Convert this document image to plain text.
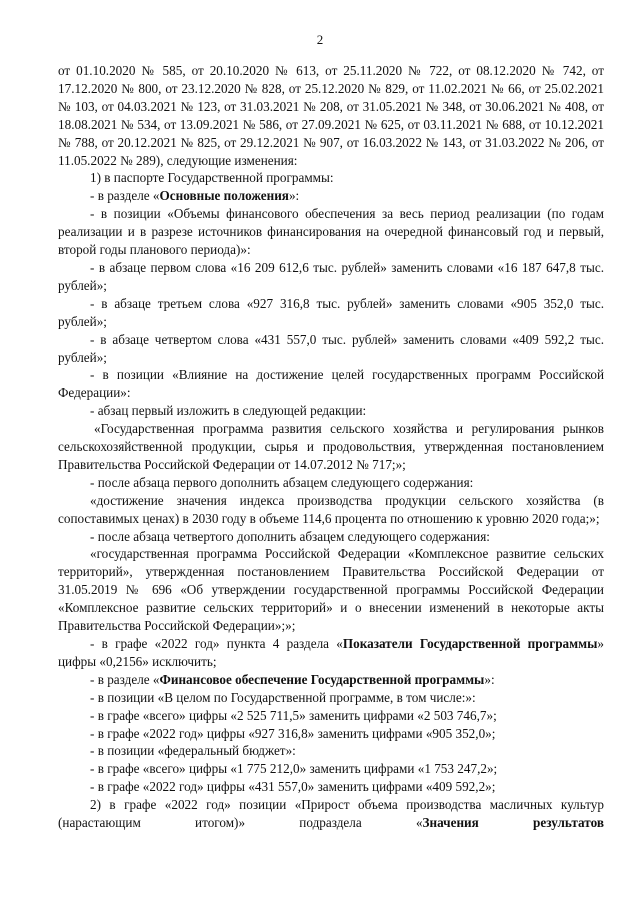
2

от 01.10.2020 № 585, от 20.10.2020 № 613, от 25.11.2020 № 722, от 08.12.2020 № 742, от 17.12.2020 № 800, от 23.12.2020 № 828, от 25.12.2020 № 829, от 11.02.2021 № 66, от 25.02.2021 № 103, от 04.03.2021 № 123, от 31.03.2021 № 208, от 31.05.2021 № 348, от 30.06.2021 № 408, от 18.08.2021 № 534, от 13.09.2021 № 586, от 27.09.2021 № 625, от 03.11.2021 № 688, от 10.12.2021 № 788, от 20.12.2021 № 825, от 29.12.2021 № 907, от 16.03.2022 № 143, от 31.03.2022 № 206, от 11.05.2022 № 289), следующие изменения:

1) в паспорте Государственной программы:

- в разделе «Основные положения»:

- в позиции «Объемы финансового обеспечения за весь период реализации (по годам реализации и в разрезе источников финансирования на очередной финансовый год и первый, второй годы планового периода)»:

- в абзаце первом слова «16 209 612,6 тыс. рублей» заменить словами «16 187 647,8 тыс. рублей»;

- в абзаце третьем слова «927 316,8 тыс. рублей» заменить словами «905 352,0 тыс. рублей»;

- в абзаце четвертом слова «431 557,0 тыс. рублей» заменить словами «409 592,2 тыс. рублей»;

- в позиции «Влияние на достижение целей государственных программ Российской Федерации»:

- абзац первый изложить в следующей редакции:

«Государственная программа развития сельского хозяйства и регулирования рынков сельскохозяйственной продукции, сырья и продовольствия, утвержденная постановлением Правительства Российской Федерации от 14.07.2012 № 717;»;

- после абзаца первого дополнить абзацем следующего содержания:

«достижение значения индекса производства продукции сельского хозяйства (в сопоставимых ценах) в 2030 году в объеме 114,6 процента по отношению к уровню 2020 года;»;

- после абзаца четвертого дополнить абзацем следующего содержания:

«государственная программа Российской Федерации «Комплексное развитие сельских территорий», утвержденная постановлением Правительства Российской Федерации от 31.05.2019 № 696 «Об утверждении государственной программы Российской Федерации «Комплексное развитие сельских территорий» и о внесении изменений в некоторые акты Правительства Российской Федерации»;»;

- в графе «2022 год» пункта 4 раздела «Показатели Государственной программы» цифры «0,2156» исключить;

- в разделе «Финансовое обеспечение Государственной программы»:

- в позиции «В целом по Государственной программе, в том числе:»:

- в графе «всего» цифры «2 525 711,5» заменить цифрами «2 503 746,7»;

- в графе «2022 год» цифры «927 316,8» заменить цифрами «905 352,0»;

- в позиции «федеральный бюджет»:

- в графе «всего» цифры «1 775 212,0» заменить цифрами «1 753 247,2»;

- в графе «2022 год» цифры «431 557,0» заменить цифрами «409 592,2»;

2) в графе «2022 год» позиции «Прирост объема производства масличных культур (нарастающим итогом)» подраздела «Значения результатов
